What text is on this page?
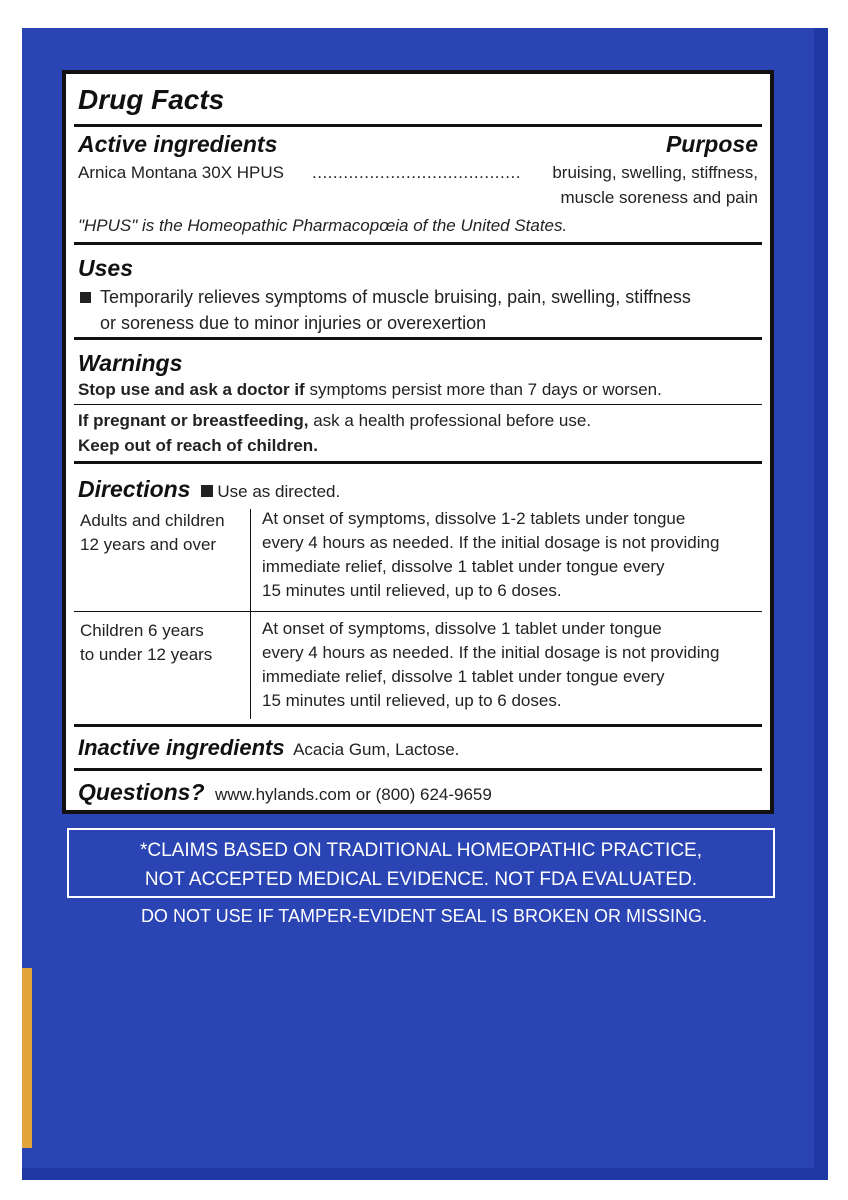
Drug Facts
Active ingredients	Purpose
Arnica Montana 30X HPUS ........................................ bruising, swelling, stiffness,
muscle soreness and pain
"HPUS" is the Homeopathic Pharmacopœia of the United States.
Uses
Temporarily relieves symptoms of muscle bruising, pain, swelling, stiffness
or soreness due to minor injuries or overexertion
Warnings
Stop use and ask a doctor if symptoms persist more than 7 days or worsen.
If pregnant or breastfeeding, ask a health professional before use.
Keep out of reach of children.
Directions Use as directed.
Adults and children
12 years and over
At onset of symptoms, dissolve 1-2 tablets under tongue
every 4 hours as needed. If the initial dosage is not providing
immediate relief, dissolve 1 tablet under tongue every
15 minutes until relieved, up to 6 doses.
Children 6 years
to under 12 years
At onset of symptoms, dissolve 1 tablet under tongue
every 4 hours as needed. If the initial dosage is not providing
immediate relief, dissolve 1 tablet under tongue every
15 minutes until relieved, up to 6 doses.
Inactive ingredients Acacia Gum, Lactose.
Questions? www.hylands.com or (800) 624-9659
*CLAIMS BASED ON TRADITIONAL HOMEOPATHIC PRACTICE,
NOT ACCEPTED MEDICAL EVIDENCE. NOT FDA EVALUATED.
DO NOT USE IF TAMPER-EVIDENT SEAL IS BROKEN OR MISSING.
